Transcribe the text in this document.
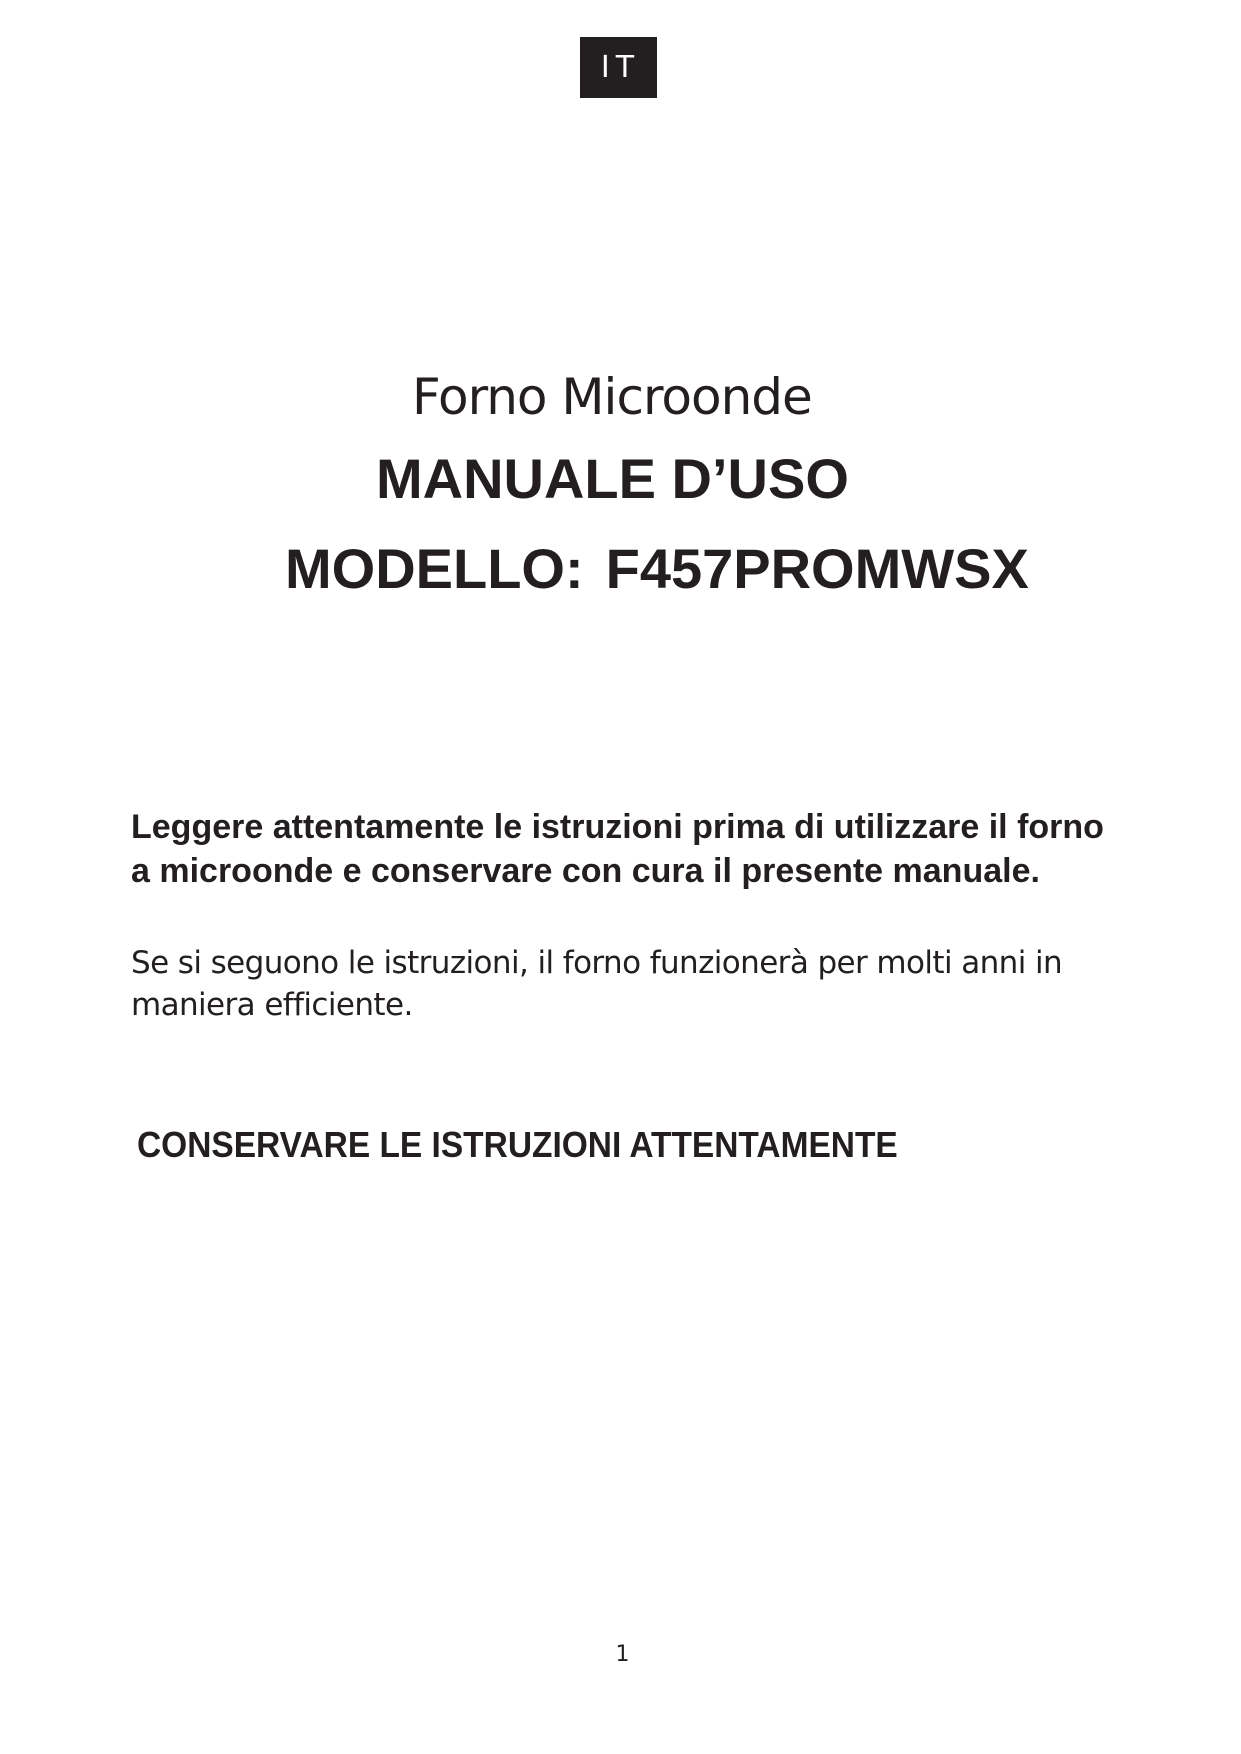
IT
Forno Microonde
MANUALE D’USO
MODELLO: F457PROMWSX
Leggere attentamente le istruzioni prima di utilizzare il forno a microonde e conservare con cura il presente manuale.
Se si seguono le istruzioni, il forno funzionerà per molti anni in maniera efficiente.
CONSERVARE LE ISTRUZIONI ATTENTAMENTE
1
